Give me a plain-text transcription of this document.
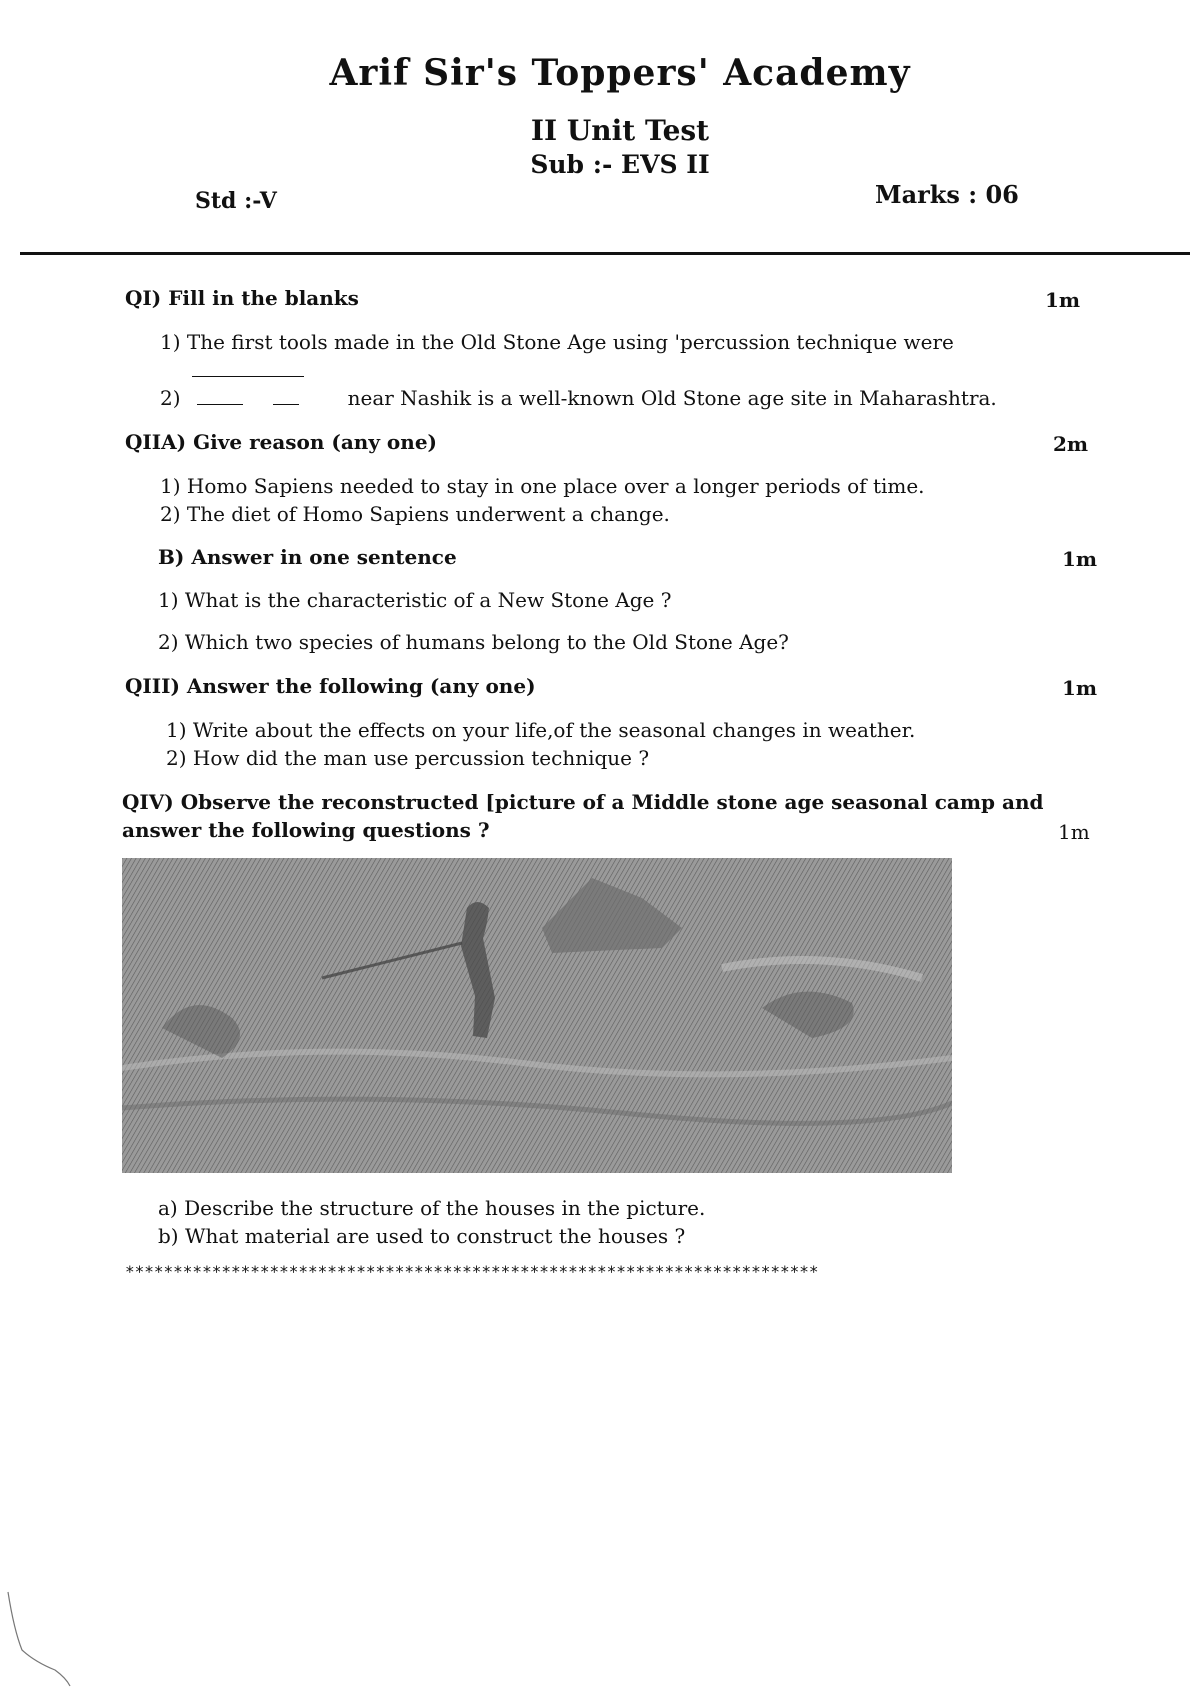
Arif Sir's Toppers' Academy
II Unit Test
Sub :- EVS II
Std :-V	Marks : 06
QI) Fill in the blanks	1m
1) The first tools made in the Old Stone Age using 'percussion technique were
2)	near Nashik is a well-known Old Stone age site in Maharashtra.
QIIA) Give reason (any one)	2m
1) Homo Sapiens needed to stay in one place over a longer periods of time.
2) The diet of Homo Sapiens underwent a change.
B) Answer in one sentence	1m
1) What is the characteristic of a New Stone Age ?
2) Which two species of humans belong to the Old Stone Age?
QIII) Answer the following (any one)	1m
1) Write about the effects on your life,of the seasonal changes in weather.
2) How did the man use percussion technique ?
QIV) Observe the reconstructed [picture of a Middle stone age seasonal camp and
answer the following questions ?	1m
a) Describe the structure of the houses in the picture.
b) What material are used to construct the houses ?
************************************************************************
